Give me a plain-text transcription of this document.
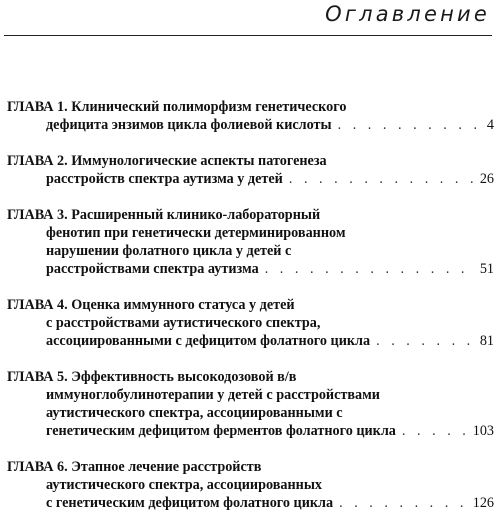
Оглавление
ГЛАВА 1. Клинический полиморфизм генетического
дефицита энзимов цикла фолиевой кислоты . . .	4
ГЛАВА 2. Иммунологические аспекты патогенеза
расстройств спектра аутизма у детей . . .	26
ГЛАВА 3. Расширенный клинико-лабораторный
фенотип при генетически детерминированном
нарушении фолатного цикла у детей с
расстройствами спектра аутизма . . .	51
ГЛАВА 4. Оценка иммунного статуса у детей
с расстройствами аутистического спектра,
ассоциированными с дефицитом фолатного цикла . . .	81
ГЛАВА 5. Эффективность высокодозовой в/в
иммуноглобулинотерапии у детей с расстройствами
аутистического спектра, ассоциированными с
генетическим дефицитом ферментов фолатного цикла . . .	103
ГЛАВА 6. Этапное лечение расстройств
аутистического спектра, ассоциированных
с генетическим дефицитом фолатного цикла . . .	126
